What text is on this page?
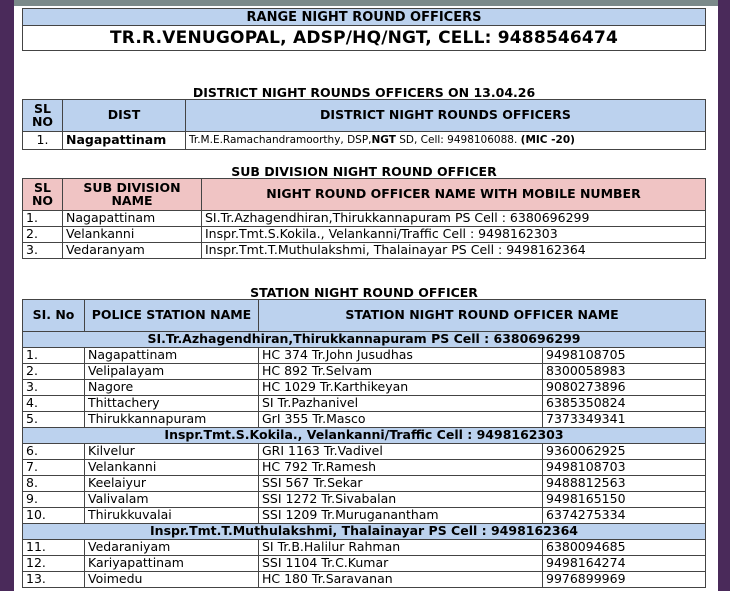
RANGE NIGHT ROUND OFFICERS
TR.R.VENUGOPAL, ADSP/HQ/NGT, CELL: 9488546474
DISTRICT NIGHT ROUNDS OFFICERS ON 13.04.26
SL NO	DIST	DISTRICT NIGHT ROUNDS OFFICERS
1.	Nagapattinam	Tr.M.E.Ramachandramoorthy, DSP,NGT SD, Cell: 9498106088. (MIC -20)
SUB DIVISION NIGHT ROUND OFFICER
SL NO	SUB DIVISION NAME	NIGHT ROUND OFFICER NAME WITH MOBILE NUMBER
1.	Nagapattinam	SI.Tr.Azhagendhiran,Thirukkannapuram PS Cell : 6380696299
2.	Velankanni	Inspr.Tmt.S.Kokila., Velankanni/Traffic Cell : 9498162303
3.	Vedaranyam	Inspr.Tmt.T.Muthulakshmi, Thalainayar PS Cell : 9498162364
STATION NIGHT ROUND OFFICER
SI. No	POLICE STATION NAME	STATION NIGHT ROUND OFFICER NAME	
SI.Tr.Azhagendhiran,Thirukkannapuram PS Cell : 6380696299			
1.	Nagapattinam	HC 374 Tr.John Jusudhas	9498108705
2.	Velipalayam	HC 892 Tr.Selvam	8300058983
3.	Nagore	HC 1029 Tr.Karthikeyan	9080273896
4.	Thittachery	SI Tr.Pazhanivel	6385350824
5.	Thirukkannapuram	GrI 355 Tr.Masco	7373349341
Inspr.Tmt.S.Kokila., Velankanni/Traffic Cell : 9498162303			
6.	Kilvelur	GRI 1163 Tr.Vadivel	9360062925
7.	Velankanni	HC 792 Tr.Ramesh	9498108703
8.	Keelaiyur	SSI 567 Tr.Sekar	9488812563
9.	Valivalam	SSI 1272 Tr.Sivabalan	9498165150
10.	Thirukkuvalai	SSI 1209 Tr.Muruganantham	6374275334
Inspr.Tmt.T.Muthulakshmi, Thalainayar PS Cell : 9498162364			
11.	Vedaraniyam	SI Tr.B.Halilur Rahman	6380094685
12.	Kariyapattinam	SSI 1104 Tr.C.Kumar	9498164274
13.	Voimedu	HC 180 Tr.Saravanan	9976899969
